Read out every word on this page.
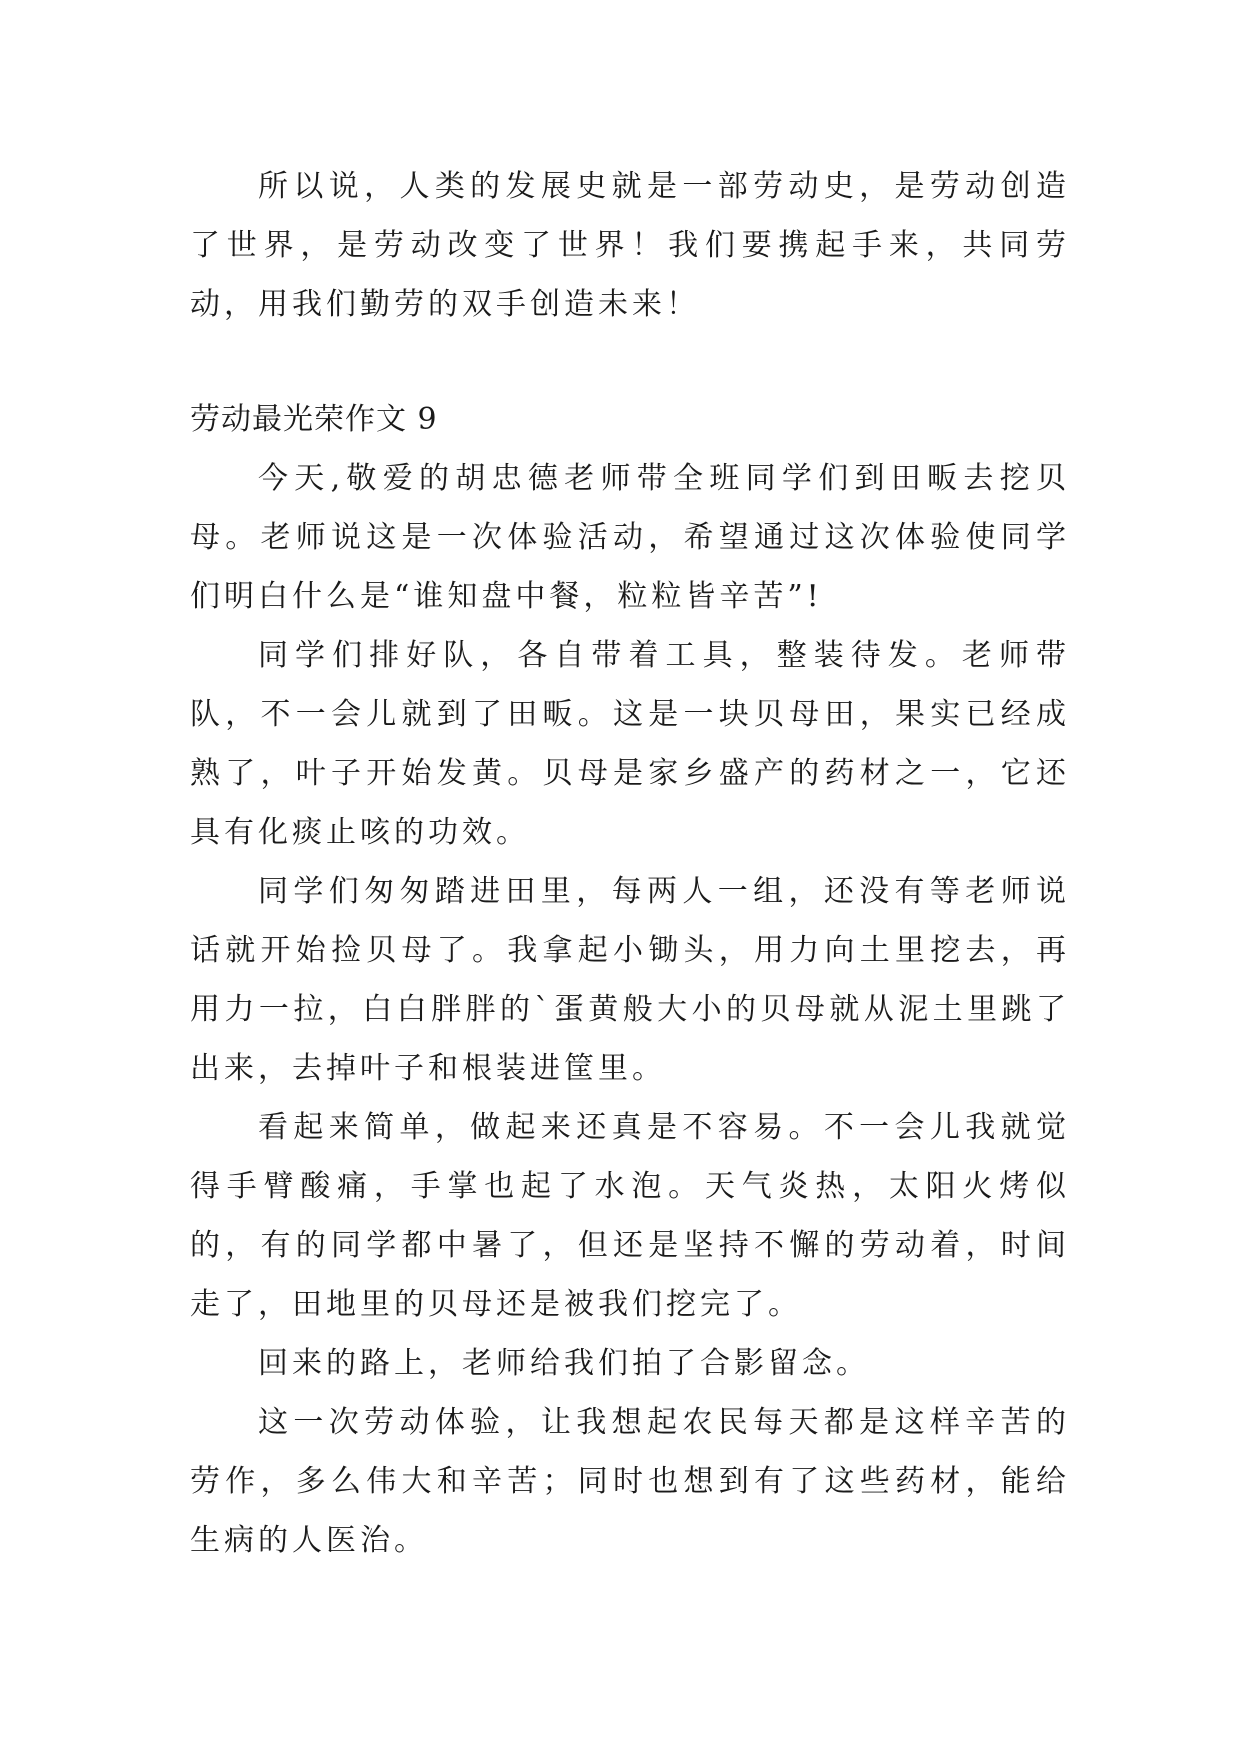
所以说，人类的发展史就是一部劳动史，是劳动创造了世界，是劳动改变了世界！我们要携起手来，共同劳动，用我们勤劳的双手创造未来！

劳动最光荣作文 9

今天,敬爱的胡忠德老师带全班同学们到田畈去挖贝母。老师说这是一次体验活动，希望通过这次体验使同学们明白什么是“谁知盘中餐，粒粒皆辛苦”!

同学们排好队，各自带着工具，整装待发。老师带队，不一会儿就到了田畈。这是一块贝母田，果实已经成熟了，叶子开始发黄。贝母是家乡盛产的药材之一，它还具有化痰止咳的功效。

同学们匆匆踏进田里，每两人一组，还没有等老师说话就开始捡贝母了。我拿起小锄头，用力向土里挖去，再用力一拉，白白胖胖的`蛋黄般大小的贝母就从泥土里跳了出来，去掉叶子和根装进筐里。

看起来简单，做起来还真是不容易。不一会儿我就觉得手臂酸痛，手掌也起了水泡。天气炎热，太阳火烤似的，有的同学都中暑了，但还是坚持不懈的劳动着，时间走了，田地里的贝母还是被我们挖完了。

回来的路上，老师给我们拍了合影留念。

这一次劳动体验，让我想起农民每天都是这样辛苦的劳作，多么伟大和辛苦；同时也想到有了这些药材，能给生病的人医治。
